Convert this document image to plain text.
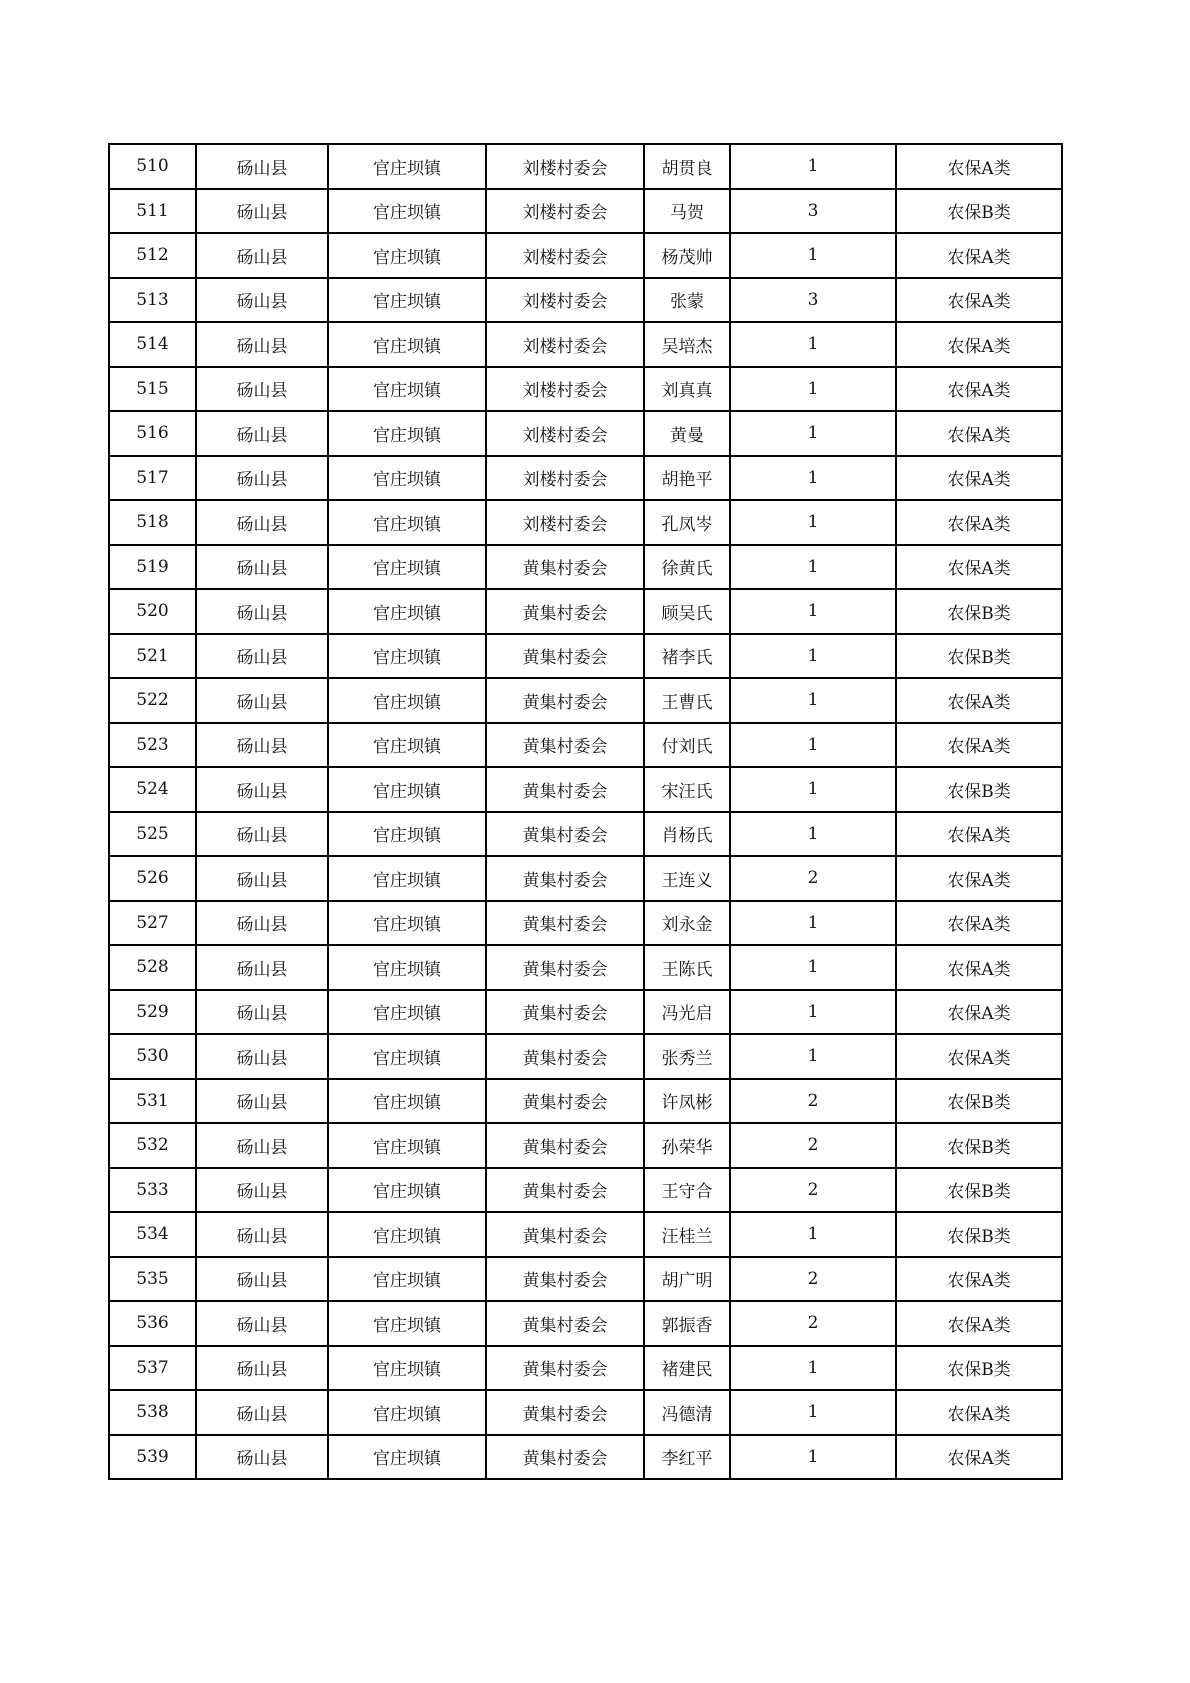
510	砀山县	官庄坝镇	刘楼村委会	胡贯良	1	农保A类
511	砀山县	官庄坝镇	刘楼村委会	马贺	3	农保B类
512	砀山县	官庄坝镇	刘楼村委会	杨茂帅	1	农保A类
513	砀山县	官庄坝镇	刘楼村委会	张蒙	3	农保A类
514	砀山县	官庄坝镇	刘楼村委会	吴培杰	1	农保A类
515	砀山县	官庄坝镇	刘楼村委会	刘真真	1	农保A类
516	砀山县	官庄坝镇	刘楼村委会	黄曼	1	农保A类
517	砀山县	官庄坝镇	刘楼村委会	胡艳平	1	农保A类
518	砀山县	官庄坝镇	刘楼村委会	孔凤岑	1	农保A类
519	砀山县	官庄坝镇	黄集村委会	徐黄氏	1	农保A类
520	砀山县	官庄坝镇	黄集村委会	顾吴氏	1	农保B类
521	砀山县	官庄坝镇	黄集村委会	褚李氏	1	农保B类
522	砀山县	官庄坝镇	黄集村委会	王曹氏	1	农保A类
523	砀山县	官庄坝镇	黄集村委会	付刘氏	1	农保A类
524	砀山县	官庄坝镇	黄集村委会	宋汪氏	1	农保B类
525	砀山县	官庄坝镇	黄集村委会	肖杨氏	1	农保A类
526	砀山县	官庄坝镇	黄集村委会	王连义	2	农保A类
527	砀山县	官庄坝镇	黄集村委会	刘永金	1	农保A类
528	砀山县	官庄坝镇	黄集村委会	王陈氏	1	农保A类
529	砀山县	官庄坝镇	黄集村委会	冯光启	1	农保A类
530	砀山县	官庄坝镇	黄集村委会	张秀兰	1	农保A类
531	砀山县	官庄坝镇	黄集村委会	许凤彬	2	农保B类
532	砀山县	官庄坝镇	黄集村委会	孙荣华	2	农保B类
533	砀山县	官庄坝镇	黄集村委会	王守合	2	农保B类
534	砀山县	官庄坝镇	黄集村委会	汪桂兰	1	农保B类
535	砀山县	官庄坝镇	黄集村委会	胡广明	2	农保A类
536	砀山县	官庄坝镇	黄集村委会	郭振香	2	农保A类
537	砀山县	官庄坝镇	黄集村委会	褚建民	1	农保B类
538	砀山县	官庄坝镇	黄集村委会	冯德清	1	农保A类
539	砀山县	官庄坝镇	黄集村委会	李红平	1	农保A类
